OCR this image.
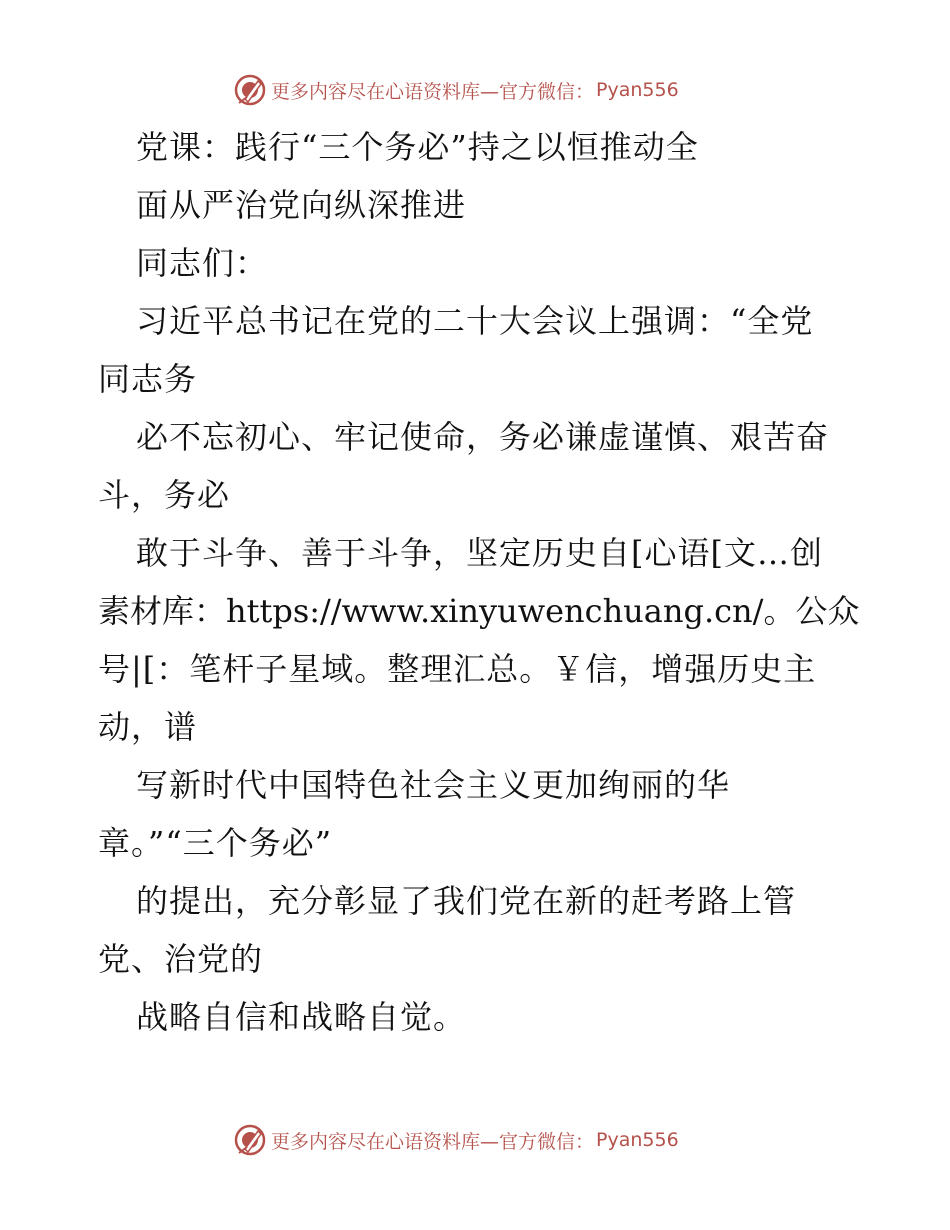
更多内容尽在心语资料库—官方微信： Pyan556
党课：践行“三个务必”持之以恒推动全
面从严治党向纵深推进
同志们：
习近平总书记在党的二十大会议上强调：“全党
同志务
必不忘初心、牢记使命，务必谦虚谨慎、艰苦奋
斗，务必
敢于斗争、善于斗争，坚定历史自[心语[文…创
素材库：https://www.xinyuwenchuang.cn/。公众
号|[：笔杆子星域。整理汇总。￥信，增强历史主
动，谱
写新时代中国特色社会主义更加绚丽的华
章。”“三个务必”
的提出，充分彰显了我们党在新的赶考路上管
党、治党的
战略自信和战略自觉。
更多内容尽在心语资料库—官方微信： Pyan556
